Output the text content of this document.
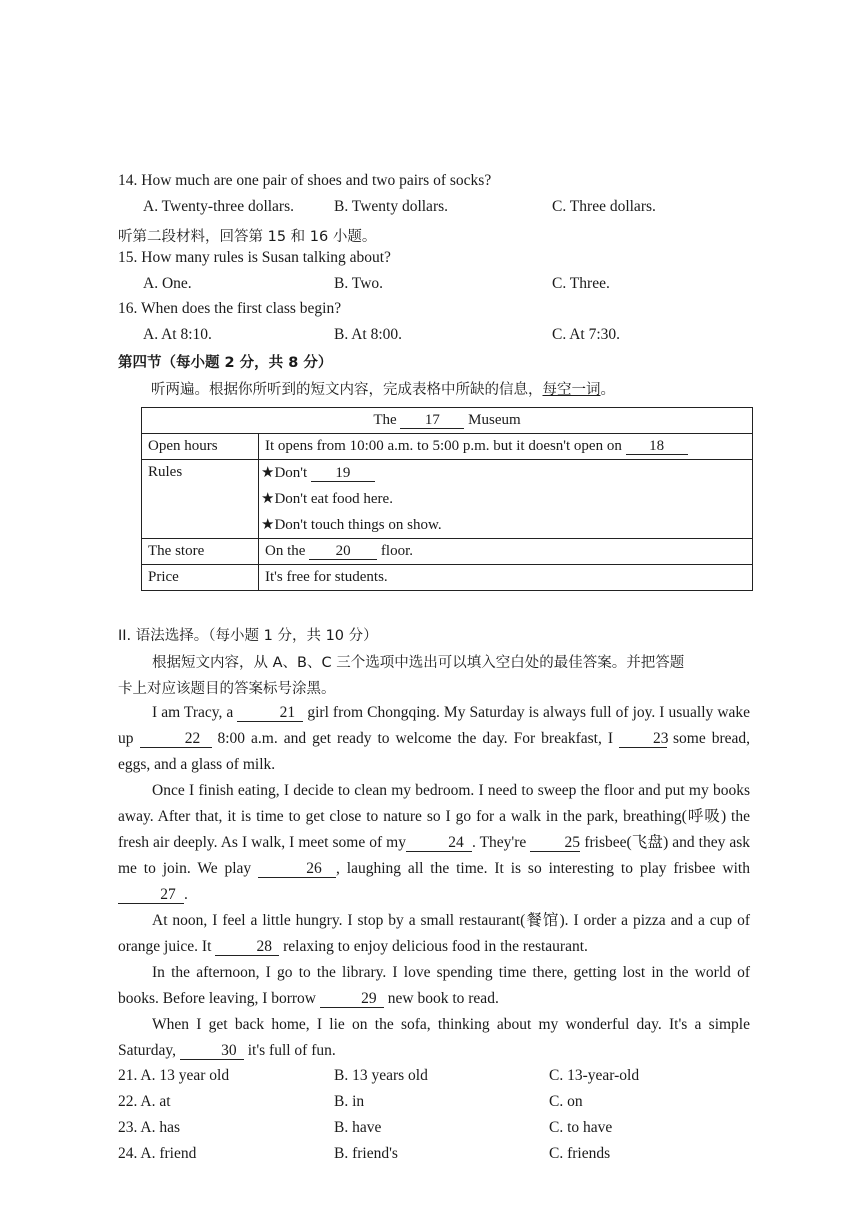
14. How much are one pair of shoes and two pairs of socks?
A. Twenty-three dollars.	B. Twenty dollars.	C. Three dollars.
听第二段材料，回答第 15 和 16 小题。
15. How many rules is Susan talking about?
A. One.	B. Two.	C. Three.
16. When does the first class begin?
A. At 8:10.	B. At 8:00.	C. At 7:30.
第四节（每小题 2 分，共 8 分）
听两遍。根据你所听到的短文内容，完成表格中所缺的信息，每空一词。
The 17 Museum	
Open hours	It opens from 10:00 a.m. to 5:00 p.m. but it doesn't open on 18
Rules	★Don't 19
★Don't eat food here.
★Don't touch things on show.

The store	On the 20 floor.
Price	It's free for students.
II. 语法选择。（每小题 1 分，共 10 分）
根据短文内容，从 A、B、C 三个选项中选出可以填入空白处的最佳答案。并把答题
卡上对应该题目的答案标号涂黑。
I am Tracy, a	21 girl from Chongqing. My Saturday is always full of joy. I usually wake up	22 8:00 a.m. and get ready to welcome the day. For breakfast, I	23 some bread, eggs, and a glass of milk.
Once I finish eating, I decide to clean my bedroom. I need to sweep the floor and put my books away. After that, it is time to get close to nature so I go for a walk in the park, breathing(呼吸) the fresh air deeply. As I walk, I meet some of my	24 . They're 25 frisbee(飞盘) and they ask me to join. We play	26 , laughing all the time. It is so interesting to play frisbee with 27 .
At noon, I feel a little hungry. I stop by a small restaurant(餐馆). I order a pizza and a cup of orange juice. It	28 relaxing to enjoy delicious food in the restaurant.
In the afternoon, I go to the library. I love spending time there, getting lost in the world of books. Before leaving, I borrow	29 new book to read.
When I get back home, I lie on the sofa, thinking about my wonderful day. It's a simple Saturday,	30 it's full of fun.
21. A. 13 year old	B. 13 years old	C. 13-year-old
22. A. at	B. in	C. on
23. A. has	B. have	C. to have
24. A. friend	B. friend's	C. friends
